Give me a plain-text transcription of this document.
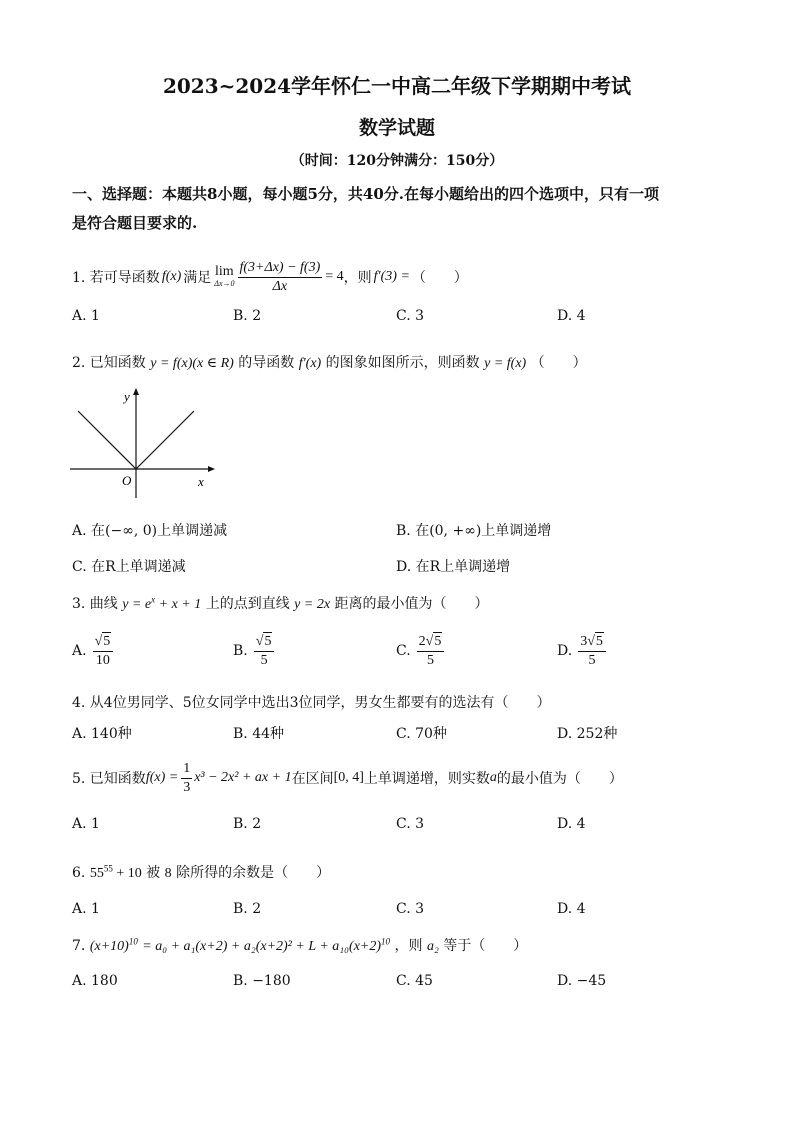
2023~2024学年怀仁一中高二年级下学期期中考试
数学试题
（时间：120分钟满分：150分）
一、选择题：本题共8小题，每小题5分，共40分.在每小题给出的四个选项中，只有一项
是符合题目要求的.
1. 若可导函数 f(x) 满足 lim
$\Delta x\to 0 \frac{f(3+\Delta x) - f(3)}{\Delta x} = 4$ ，则 f′(3) = （　　）
A. 1	B. 2	C. 3	D. 4
2. 已知函数 y = f(x)(x ∈ R) 的导函数 f′(x) 的图象如图所示，则函数 y = f(x) （　　）
y
x
O
A. 在(−∞, 0)上单调递减	B. 在(0, +∞)上单调递增
C. 在R上单调递减	D. 在R上单调递增
3. 曲线 $y = e^x + x + 1$ 上的点到直线 y = 2x 距离的最小值为（　　）
A. $\frac{√5}{10}$	B. $\frac{√5}{5}$	C. $\frac{2√5}{5}$	D. $\frac{3√5}{5}$
4. 从4位男同学、5位女同学中选出3位同学，男女生都要有的选法有（　　）
A. 140种	B. 44种	C. 70种	D. 252种
5. 已知函数 $f(x) = \frac{1}{3} x^3 - 2x^2$ + ax + 1 在区间 [0, 4] 上单调递增，则实数 a 的最小值为（　　）
A. 1	B. 2	C. 3	D. 4
6. $55^{55} + 10$ 被 8 除所得的余数是（　　）
A. 1	B. 2	C. 3	D. 4
7. $(x+10)^{10} = a_0 + a_1(x+2) + a_2(x+2)^2 + L + a_{10}(x+2)^{10}$ ，则 a₂ 等于（　　）
A. 180	B. −180	C. 45	D. −45
